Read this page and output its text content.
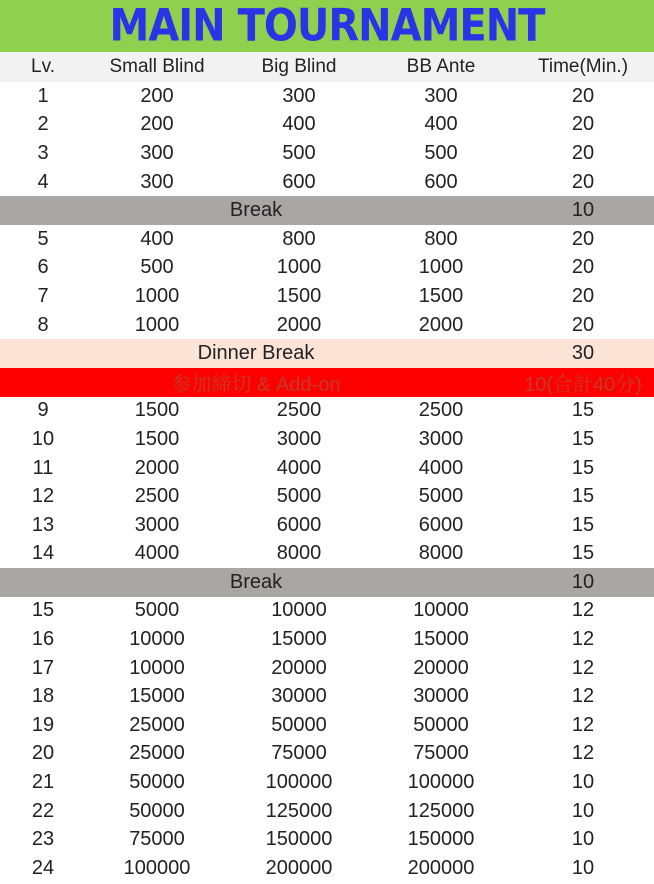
MAIN TOURNAMENT
Lv.	Small Blind	Big Blind	BB Ante	Time(Min.)
1	200	300	300	20
2	200	400	400	20
3	300	500	500	20
4	300	600	600	20
Break	10
5	400	800	800	20
6	500	1000	1000	20
7	1000	1500	1500	20
8	1000	2000	2000	20
Dinner Break	30
参加締切 & Add-on	10(合計40分)
9	1500	2500	2500	15
10	1500	3000	3000	15
11	2000	4000	4000	15
12	2500	5000	5000	15
13	3000	6000	6000	15
14	4000	8000	8000	15
Break	10
15	5000	10000	10000	12
16	10000	15000	15000	12
17	10000	20000	20000	12
18	15000	30000	30000	12
19	25000	50000	50000	12
20	25000	75000	75000	12
21	50000	100000	100000	10
22	50000	125000	125000	10
23	75000	150000	150000	10
24	100000	200000	200000	10
